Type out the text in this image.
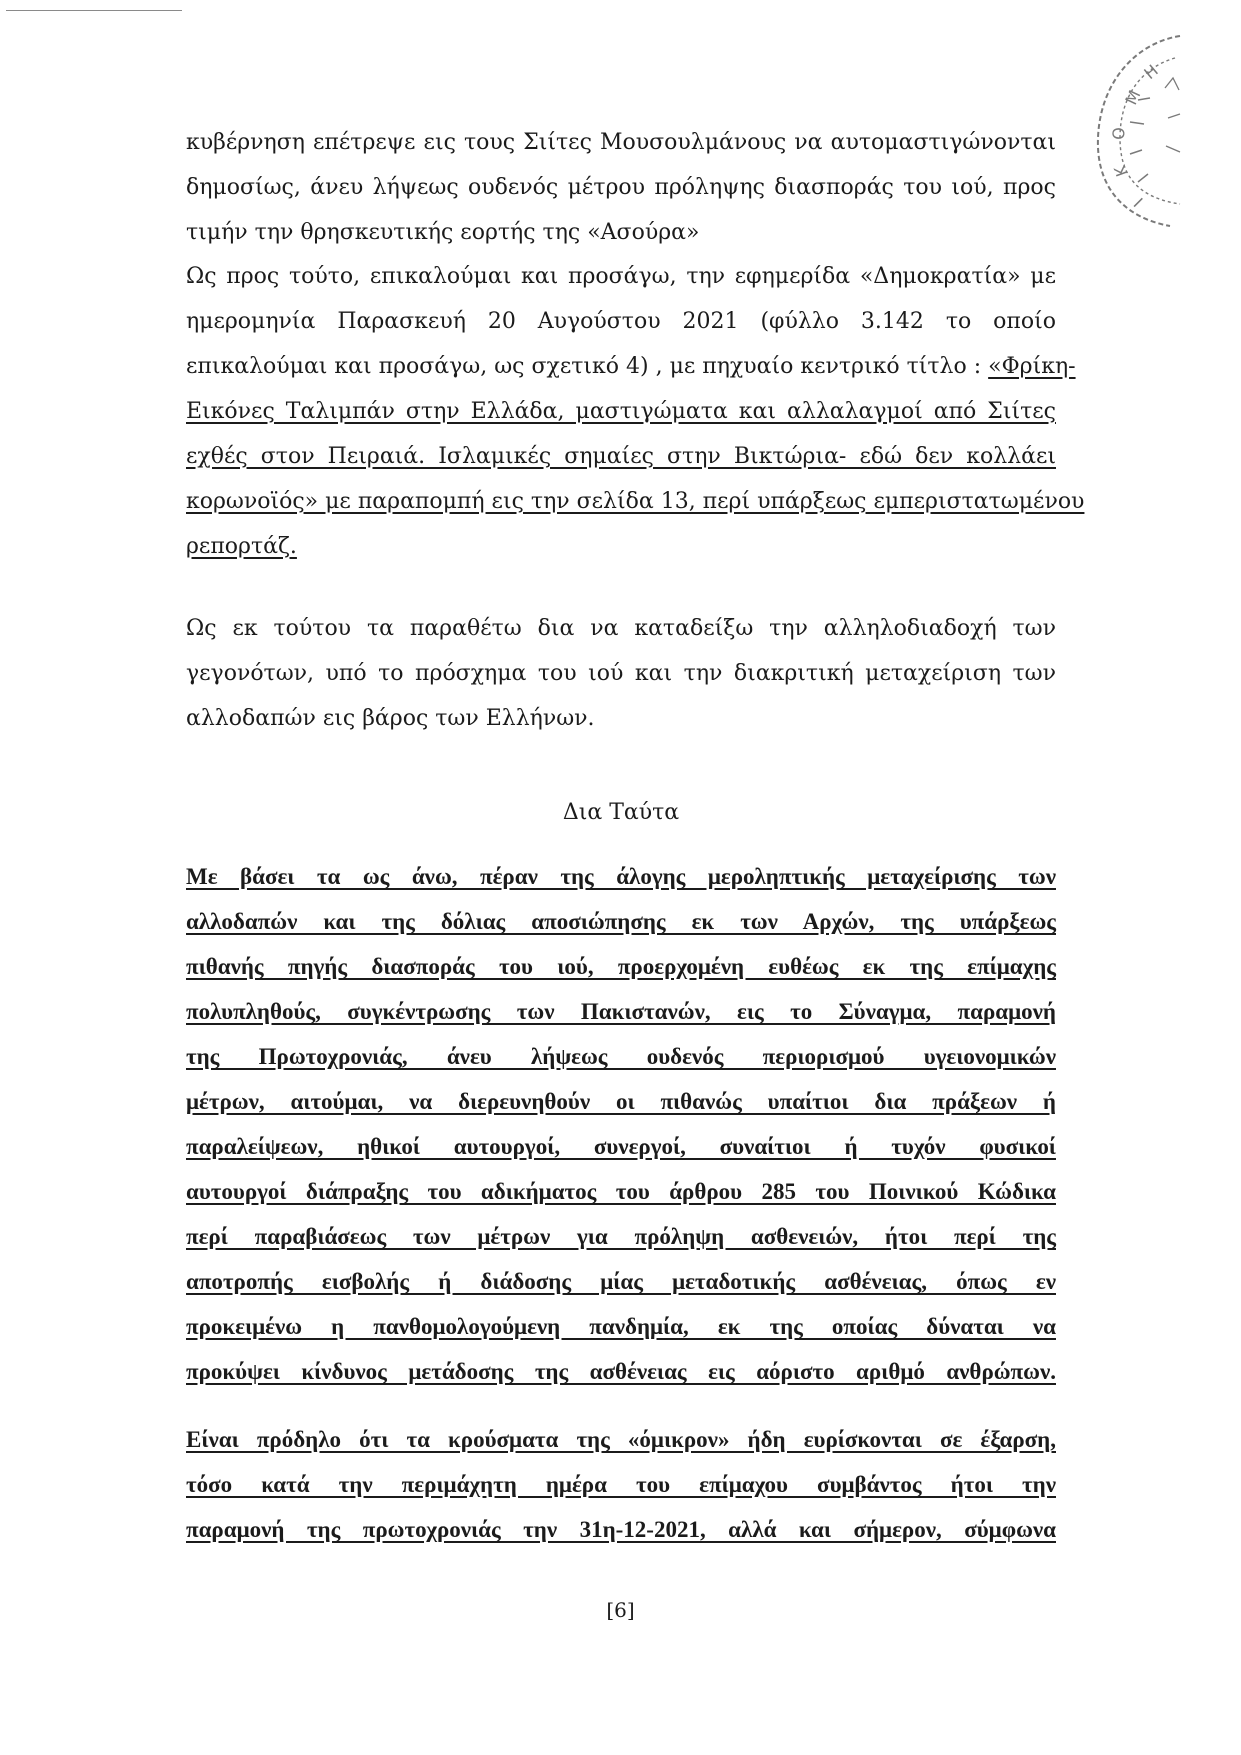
Η
Μ
Ο
Κ
Ι

κυβέρνηση επέτρεψε εις τους Σιίτες Μουσουλμάνους να αυτομαστιγώνονται
δημοσίως, άνευ λήψεως ουδενός μέτρου πρόληψης διασποράς του ιού, προς
τιμήν την θρησκευτικής εορτής της «Ασούρα»

Ως προς τούτο, επικαλούμαι και προσάγω, την εφημερίδα «Δημοκρατία» με
ημερομηνία Παρασκευή 20 Αυγούστου 2021 (φύλλο 3.142 το οποίο
επικαλούμαι και προσάγω, ως σχετικό 4) , με πηχυαίο κεντρικό τίτλο : «Φρίκη-
Εικόνες Ταλιμπάν στην Ελλάδα, μαστιγώματα και αλλαλαγμοί από Σιίτες
εχθές στον Πειραιά. Ισλαμικές σημαίες στην Βικτώρια- εδώ δεν κολλάει
κορωνοϊός» με παραπομπή εις την σελίδα 13, περί υπάρξεως εμπεριστατωμένου
ρεπορτάζ.

Ως εκ τούτου τα παραθέτω δια να καταδείξω την αλληλοδιαδοχή των
γεγονότων, υπό το πρόσχημα του ιού και την διακριτική μεταχείριση των
αλλοδαπών εις βάρος των Ελλήνων.

Δια Ταύτα

Με βάσει τα ως άνω, πέραν της άλογης μεροληπτικής μεταχείρισης των
αλλοδαπών και της δόλιας αποσιώπησης εκ των Αρχών, της υπάρξεως
πιθανής πηγής διασποράς του ιού, προερχομένη ευθέως εκ της επίμαχης
πολυπληθούς, συγκέντρωσης των Πακιστανών, εις το Σύναγμα, παραμονή
της Πρωτοχρονιάς, άνευ λήψεως ουδενός περιορισμού υγειονομικών
μέτρων, αιτούμαι, να διερευνηθούν οι πιθανώς υπαίτιοι δια πράξεων ή
παραλείψεων, ηθικοί αυτουργοί, συνεργοί, συναίτιοι ή τυχόν φυσικοί
αυτουργοί διάπραξης του αδικήματος του άρθρου 285 του Ποινικού Κώδικα
περί παραβιάσεως των μέτρων για πρόληψη ασθενειών, ήτοι περί της
αποτροπής εισβολής ή διάδοσης μίας μεταδοτικής ασθένειας, όπως εν
προκειμένω η πανθομολογούμενη πανδημία, εκ της οποίας δύναται να
προκύψει κίνδυνος μετάδοσης της ασθένειας εις αόριστο αριθμό ανθρώπων.

Είναι πρόδηλο ότι τα κρούσματα της «όμικρον» ήδη ευρίσκονται σε έξαρση,
τόσο κατά την περιμάχητη ημέρα του επίμαχου συμβάντος ήτοι την
παραμονή της πρωτοχρονιάς την 31η-12-2021, αλλά και σήμερον, σύμφωνα

[6]
